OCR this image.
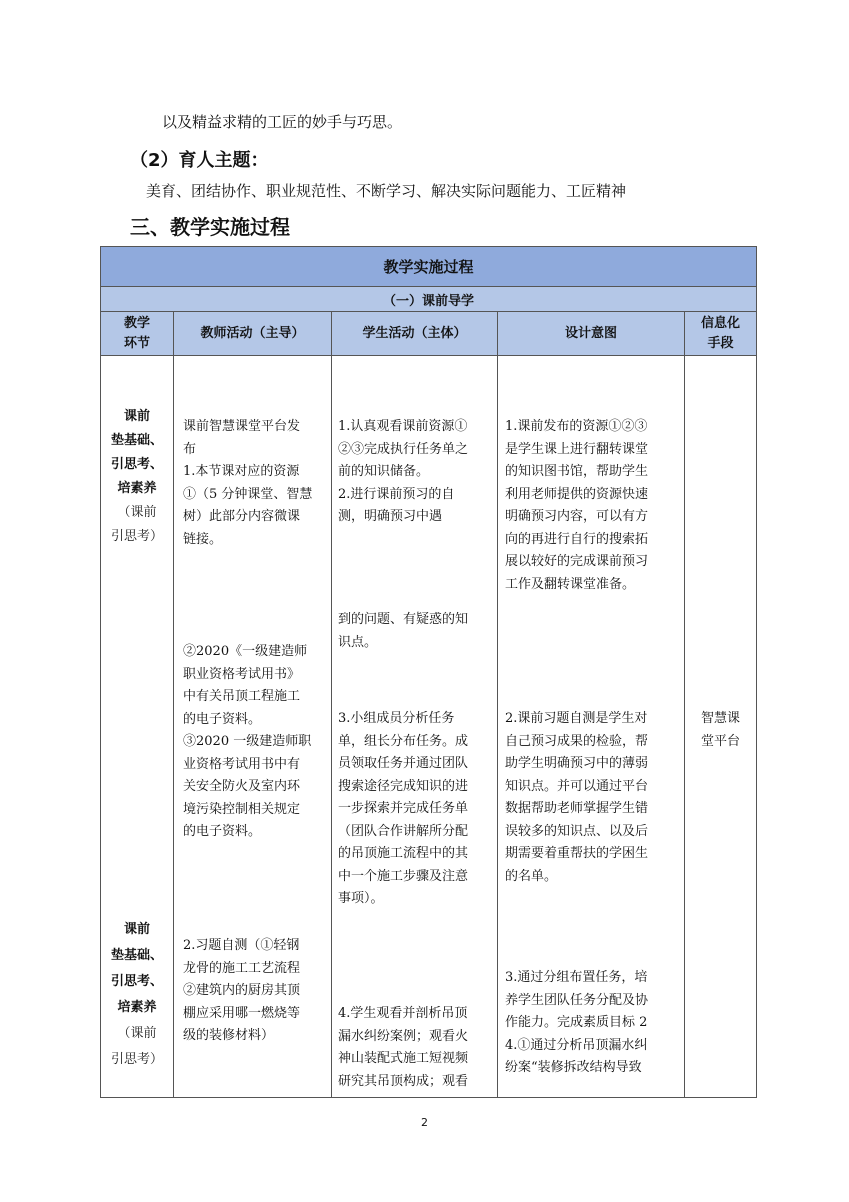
以及精益求精的工匠的妙手与巧思。
（2）育人主题：
美育、团结协作、职业规范性、不断学习、解决实际问题能力、工匠精神
三、教学实施过程
教学实施过程
（一）课前导学
教学
环节
教师活动（主导）	学生活动（主体）	设计意图
信息化
手段
课前
垫基础、
引思考、
培素养
（课前
引思考）
课前
垫基础、
引思考、
培素养
（课前
引思考）
课前智慧课堂平台发
布
1.本节课对应的资源
①（5 分钟课堂、智慧
树）此部分内容微课
链接。
②2020《一级建造师
职业资格考试用书》
中有关吊顶工程施工
的电子资料。
③2020 一级建造师职
业资格考试用书中有
关安全防火及室内环
境污染控制相关规定
的电子资料。
2.习题自测（①轻钢
龙骨的施工工艺流程
②建筑内的厨房其顶
棚应采用哪一燃烧等
级的装修材料）
1.认真观看课前资源①
②③完成执行任务单之
前的知识储备。
2.进行课前预习的自
测，明确预习中遇
到的问题、有疑惑的知
识点。
3.小组成员分析任务
单，组长分布任务。成
员领取任务并通过团队
搜索途径完成知识的进
一步探索并完成任务单
（团队合作讲解所分配
的吊顶施工流程中的其
中一个施工步骤及注意
事项）。
4.学生观看并剖析吊顶
漏水纠纷案例；观看火
神山装配式施工短视频
研究其吊顶构成；观看
1.课前发布的资源①②③
是学生课上进行翻转课堂
的知识图书馆，帮助学生
利用老师提供的资源快速
明确预习内容，可以有方
向的再进行自行的搜索拓
展以较好的完成课前预习
工作及翻转课堂准备。
2.课前习题自测是学生对
自己预习成果的检验，帮
助学生明确预习中的薄弱
知识点。并可以通过平台
数据帮助老师掌握学生错
误较多的知识点、以及后
期需要着重帮扶的学困生
的名单。
3.通过分组布置任务，培
养学生团队任务分配及协
作能力。完成素质目标 2
4.①通过分析吊顶漏水纠
纷案“装修拆改结构导致
智慧课
堂平台
2
